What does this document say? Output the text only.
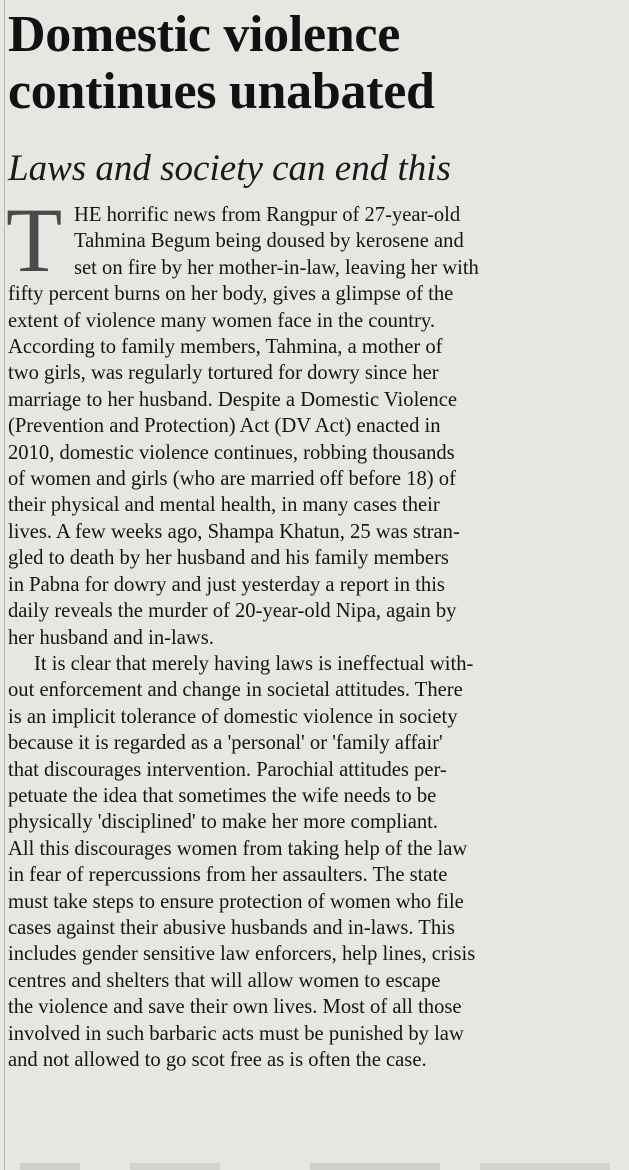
Domestic violence
continues unabated
Laws and society can end this

T HE horrific news from Rangpur of 27-year-old
Tahmina Begum being doused by kerosene and
set on fire by her mother-in-law, leaving her with
fifty percent burns on her body, gives a glimpse of the
extent of violence many women face in the country.
According to family members, Tahmina, a mother of
two girls, was regularly tortured for dowry since her
marriage to her husband. Despite a Domestic Violence
(Prevention and Protection) Act (DV Act) enacted in
2010, domestic violence continues, robbing thousands
of women and girls (who are married off before 18) of
their physical and mental health, in many cases their
lives. A few weeks ago, Shampa Khatun, 25 was stran-
gled to death by her husband and his family members
in Pabna for dowry and just yesterday a report in this
daily reveals the murder of 20-year-old Nipa, again by
her husband and in-laws.

It is clear that merely having laws is ineffectual with-
out enforcement and change in societal attitudes. There
is an implicit tolerance of domestic violence in society
because it is regarded as a 'personal' or 'family affair'
that discourages intervention. Parochial attitudes per-
petuate the idea that sometimes the wife needs to be
physically 'disciplined' to make her more compliant.
All this discourages women from taking help of the law
in fear of repercussions from her assaulters. The state
must take steps to ensure protection of women who file
cases against their abusive husbands and in-laws. This
includes gender sensitive law enforcers, help lines, crisis
centres and shelters that will allow women to escape
the violence and save their own lives. Most of all those
involved in such barbaric acts must be punished by law
and not allowed to go scot free as is often the case.
